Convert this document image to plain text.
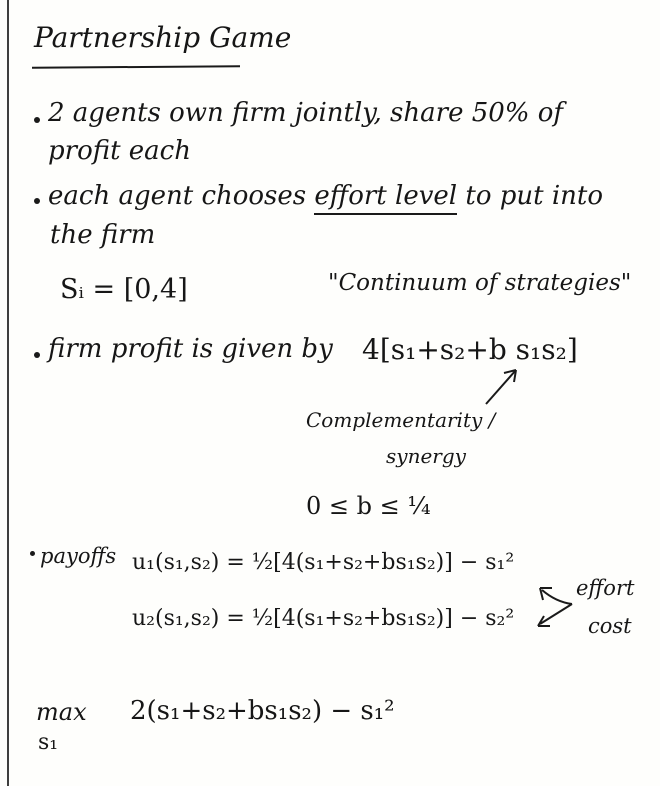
Partnership Game
2 agents own firm jointly, share 50% of
profit each
each agent chooses effort level to put into
the firm
Sᵢ = [0,4]	"Continuum of strategies"
firm profit is given by 4[s₁+s₂+b s₁s₂]
Complementarity /
synergy
0 ≤ b ≤ ¼
payoffs u₁(s₁,s₂) = ½[4(s₁+s₂+bs₁s₂)] − s₁²
u₂(s₁,s₂) = ½[4(s₁+s₂+bs₁s₂)] − s₂²
effort
cost
max
s₁
2(s₁+s₂+bs₁s₂) − s₁²
